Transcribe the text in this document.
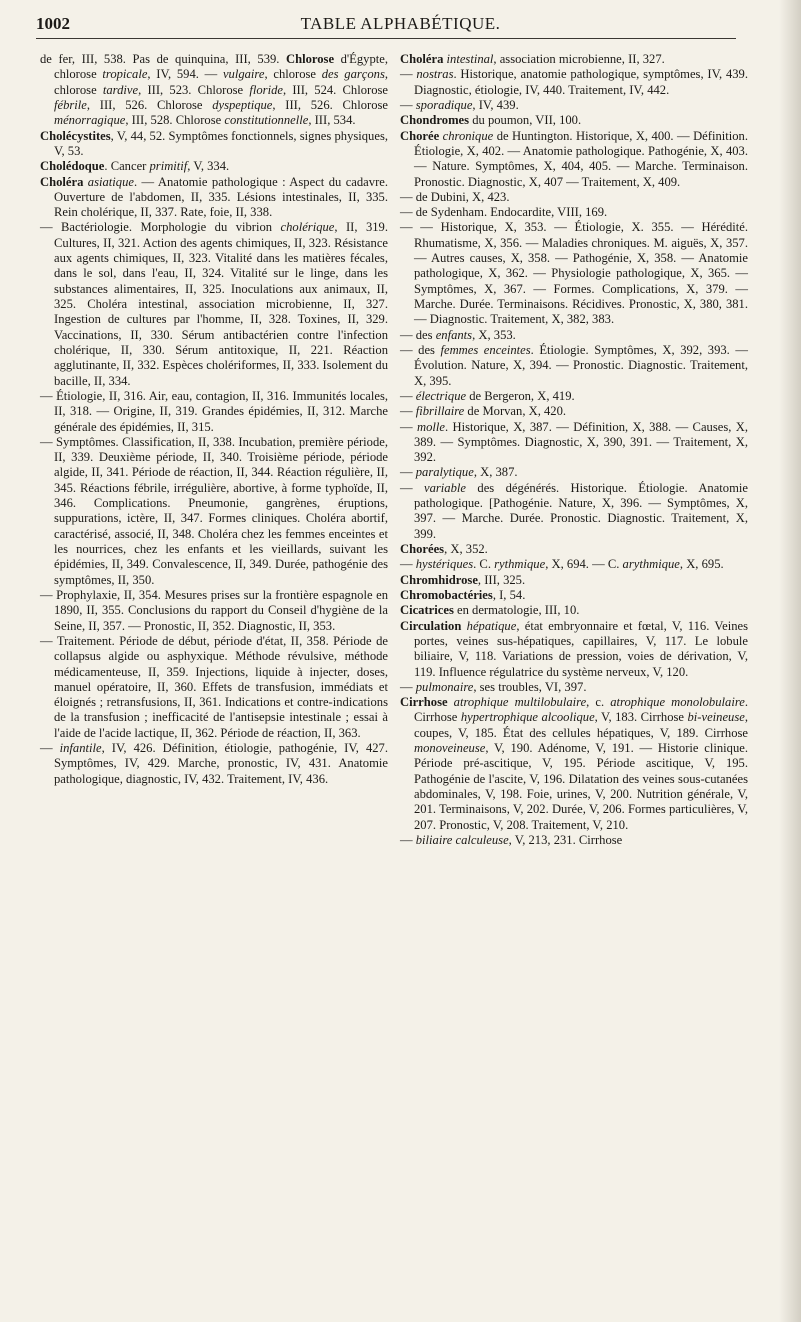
1002	TABLE ALPHABÉTIQUE.

de fer, III, 538. Pas de quinquina, III, 539. Chlorose d'Égypte, chlorose tropicale, IV, 594. — vulgaire, chlorose des garçons, chlorose tardive, III, 523. Chlorose floride, III, 524. Chlorose fébrile, III, 526. Chlorose dyspeptique, III, 526. Chlorose ménorragique, III, 528. Chlorose constitutionnelle, III, 534.

Cholécystites, V, 44, 52. Symptômes fonctionnels, signes physiques, V, 53.

Cholédoque. Cancer primitif, V, 334.

Choléra asiatique. — Anatomie pathologique : Aspect du cadavre. Ouverture de l'abdomen, II, 335. Lésions intestinales, II, 335. Rein cholérique, II, 337. Rate, foie, II, 338.

— Bactériologie. Morphologie du vibrion cholérique, II, 319. Cultures, II, 321. Action des agents chimiques, II, 323. Résistance aux agents chimiques, II, 323. Vitalité dans les matières fécales, dans le sol, dans l'eau, II, 324. Vitalité sur le linge, dans les substances alimentaires, II, 325. Inoculations aux animaux, II, 325. Choléra intestinal, association microbienne, II, 327. Ingestion de cultures par l'homme, II, 328. Toxines, II, 329. Vaccinations, II, 330. Sérum antibactérien contre l'infection cholérique, II, 330. Sérum antitoxique, II, 221. Réaction agglutinante, II, 332. Espèces cholériformes, II, 333. Isolement du bacille, II, 334.

— Étiologie, II, 316. Air, eau, contagion, II, 316. Immunités locales, II, 318. — Origine, II, 319. Grandes épidémies, II, 312. Marche générale des épidémies, II, 315.

— Symptômes. Classification, II, 338. Incubation, première période, II, 339. Deuxième période, II, 340. Troisième période, période algide, II, 341. Période de réaction, II, 344. Réaction régulière, II, 345. Réactions fébrile, irrégulière, abortive, à forme typhoïde, II, 346. Complications. Pneumonie, gangrènes, éruptions, suppurations, ictère, II, 347. Formes cliniques. Choléra abortif, caractérisé, associé, II, 348. Choléra chez les femmes enceintes et les nourrices, chez les enfants et les vieillards, suivant les épidémies, II, 349. Convalescence, II, 349. Durée, pathogénie des symptômes, II, 350.

— Prophylaxie, II, 354. Mesures prises sur la frontière espagnole en 1890, II, 355. Conclusions du rapport du Conseil d'hygiène de la Seine, II, 357. — Pronostic, II, 352. Diagnostic, II, 353.

— Traitement. Période de début, période d'état, II, 358. Période de collapsus algide ou asphyxique. Méthode révulsive, méthode médicamenteuse, II, 359. Injections, liquide à injecter, doses, manuel opératoire, II, 360. Effets de transfusion, immédiats et éloignés ; retransfusions, II, 361. Indications et contre-indications de la transfusion ; inefficacité de l'antisepsie intestinale ; essai à l'aide de l'acide lactique, II, 362. Période de réaction, II, 363.

— infantile, IV, 426. Définition, étiologie, pathogénie, IV, 427. Symptômes, IV, 429. Marche, pronostic, IV, 431. Anatomie pathologique, diagnostic, IV, 432. Traitement, IV, 436.

Choléra intestinal, association microbienne, II, 327.

— nostras. Historique, anatomie pathologique, symptômes, IV, 439. Diagnostic, étiologie, IV, 440. Traitement, IV, 442.

— sporadique, IV, 439.

Chondromes du poumon, VII, 100.

Chorée chronique de Huntington. Historique, X, 400. — Définition. Étiologie, X, 402. — Anatomie pathologique. Pathogénie, X, 403. — Nature. Symptômes, X, 404, 405. — Marche. Terminaison. Pronostic. Diagnostic, X, 407 — Traitement, X, 409.

— de Dubini, X, 423.

— de Sydenham. Endocardite, VIII, 169.

— — Historique, X, 353. — Étiologie, X. 355. — Hérédité. Rhumatisme, X, 356. — Maladies chroniques. M. aiguës, X, 357. — Autres causes, X, 358. — Pathogénie, X, 358. — Anatomie pathologique, X, 362. — Physiologie pathologique, X, 365. — Symptômes, X, 367. — Formes. Complications, X, 379. — Marche. Durée. Terminaisons. Récidives. Pronostic, X, 380, 381. — Diagnostic. Traitement, X, 382, 383.

— des enfants, X, 353.

— des femmes enceintes. Étiologie. Symptômes, X, 392, 393. — Évolution. Nature, X, 394. — Pronostic. Diagnostic. Traitement, X, 395.

— électrique de Bergeron, X, 419.

— fibrillaire de Morvan, X, 420.

— molle. Historique, X, 387. — Définition, X, 388. — Causes, X, 389. — Symptômes. Diagnostic, X, 390, 391. — Traitement, X, 392.

— paralytique, X, 387.

— variable des dégénérés. Historique. Étiologie. Anatomie pathologique. [Pathogénie. Nature, X, 396. — Symptômes, X, 397. — Marche. Durée. Pronostic. Diagnostic. Traitement, X, 399.

Chorées, X, 352.

— hystériques. C. rythmique, X, 694. — C. arythmique, X, 695.

Chromhidrose, III, 325.

Chromobactéries, I, 54.

Cicatrices en dermatologie, III, 10.

Circulation hépatique, état embryonnaire et fœtal, V, 116. Veines portes, veines sus-hépatiques, capillaires, V, 117. Le lobule biliaire, V, 118. Variations de pression, voies de dérivation, V, 119. Influence régulatrice du système nerveux, V, 120.

— pulmonaire, ses troubles, VI, 397.

Cirrhose atrophique multilobulaire, c. atrophique monolobulaire. Cirrhose hypertrophique alcoolique, V, 183. Cirrhose bi-veineuse, coupes, V, 185. État des cellules hépatiques, V, 189. Cirrhose monoveineuse, V, 190. Adénome, V, 191. — Historie clinique. Période pré-ascitique, V, 195. Période ascitique, V, 195. Pathogénie de l'ascite, V, 196. Dilatation des veines sous-cutanées abdominales, V, 198. Foie, urines, V, 200. Nutrition générale, V, 201. Terminaisons, V, 202. Durée, V, 206. Formes particulières, V, 207. Pronostic, V, 208. Traitement, V, 210.

— biliaire calculeuse, V, 213, 231. Cirrhose
